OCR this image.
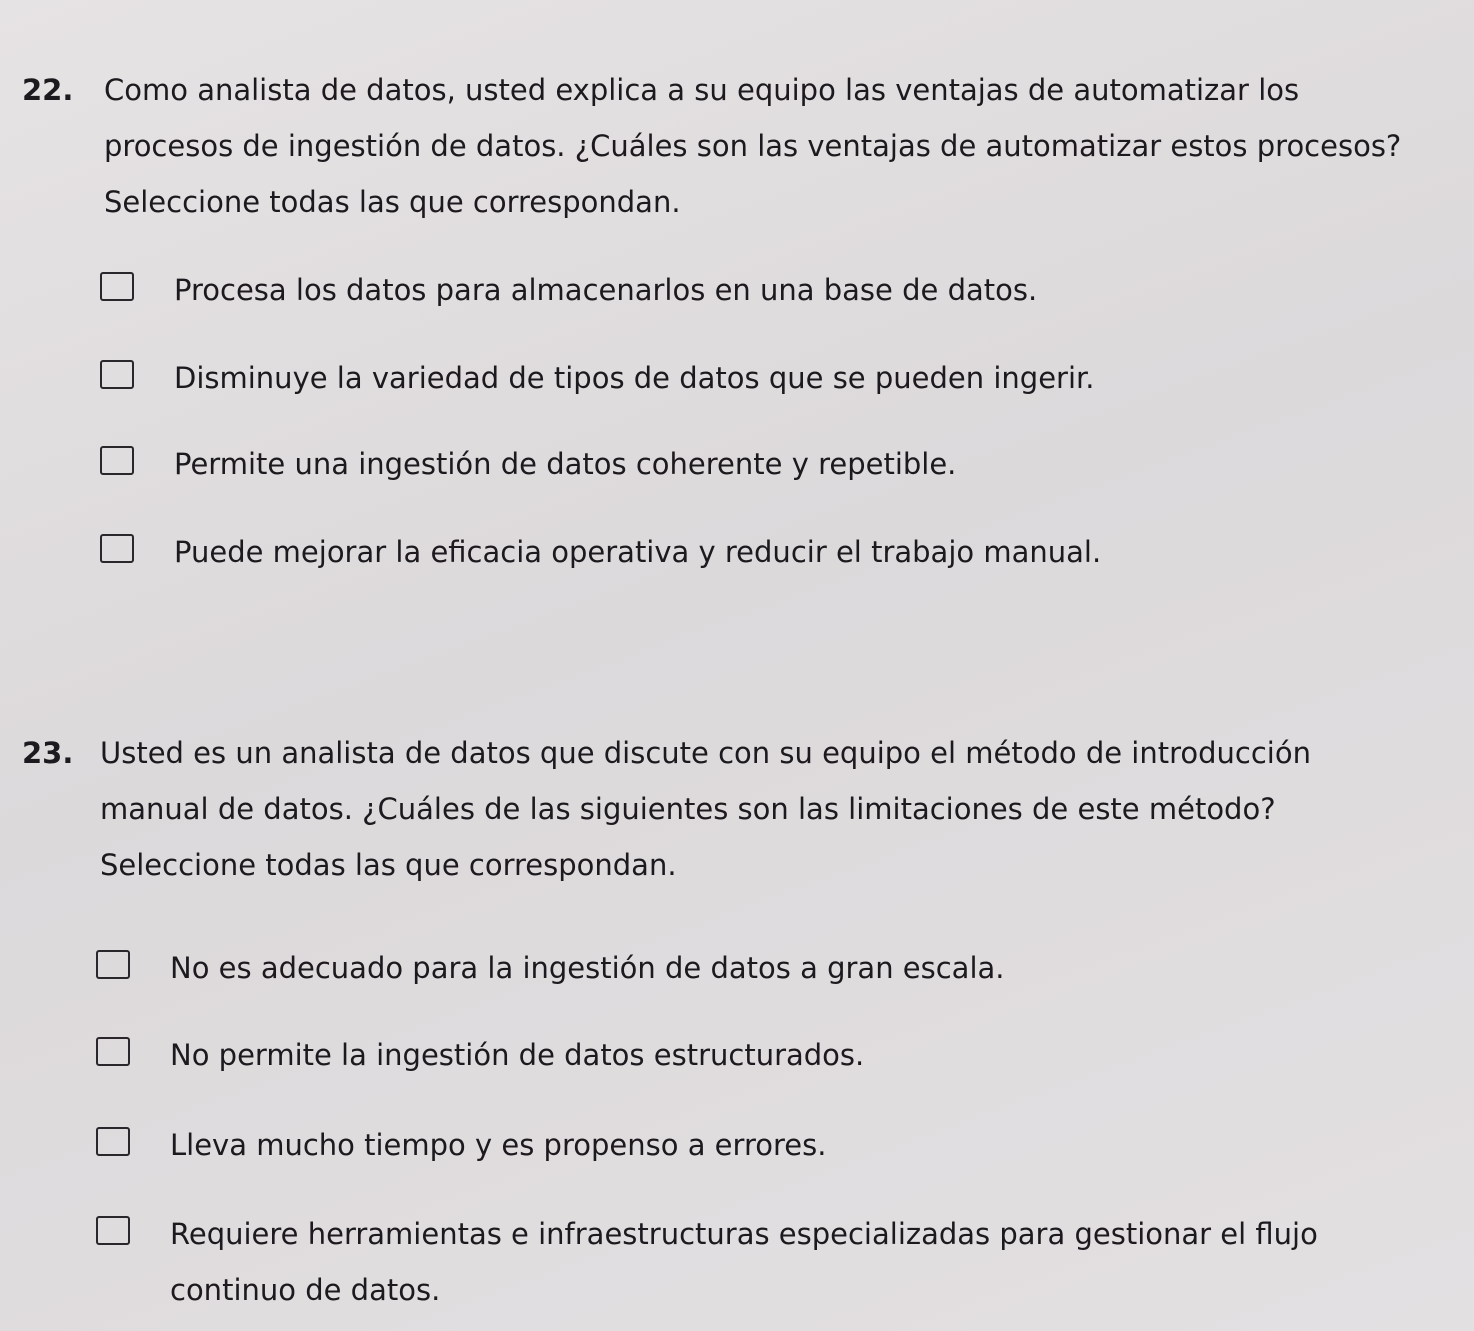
22. Como analista de datos, usted explica a su equipo las ventajas de automatizar los procesos de ingestión de datos. ¿Cuáles son las ventajas de automatizar estos procesos? Seleccione todas las que correspondan.
Procesa los datos para almacenarlos en una base de datos.
Disminuye la variedad de tipos de datos que se pueden ingerir.
Permite una ingestión de datos coherente y repetible.
Puede mejorar la eficacia operativa y reducir el trabajo manual.
23. Usted es un analista de datos que discute con su equipo el método de introducción manual de datos. ¿Cuáles de las siguientes son las limitaciones de este método? Seleccione todas las que correspondan.
No es adecuado para la ingestión de datos a gran escala.
No permite la ingestión de datos estructurados.
Lleva mucho tiempo y es propenso a errores.
Requiere herramientas e infraestructuras especializadas para gestionar el flujo continuo de datos.
